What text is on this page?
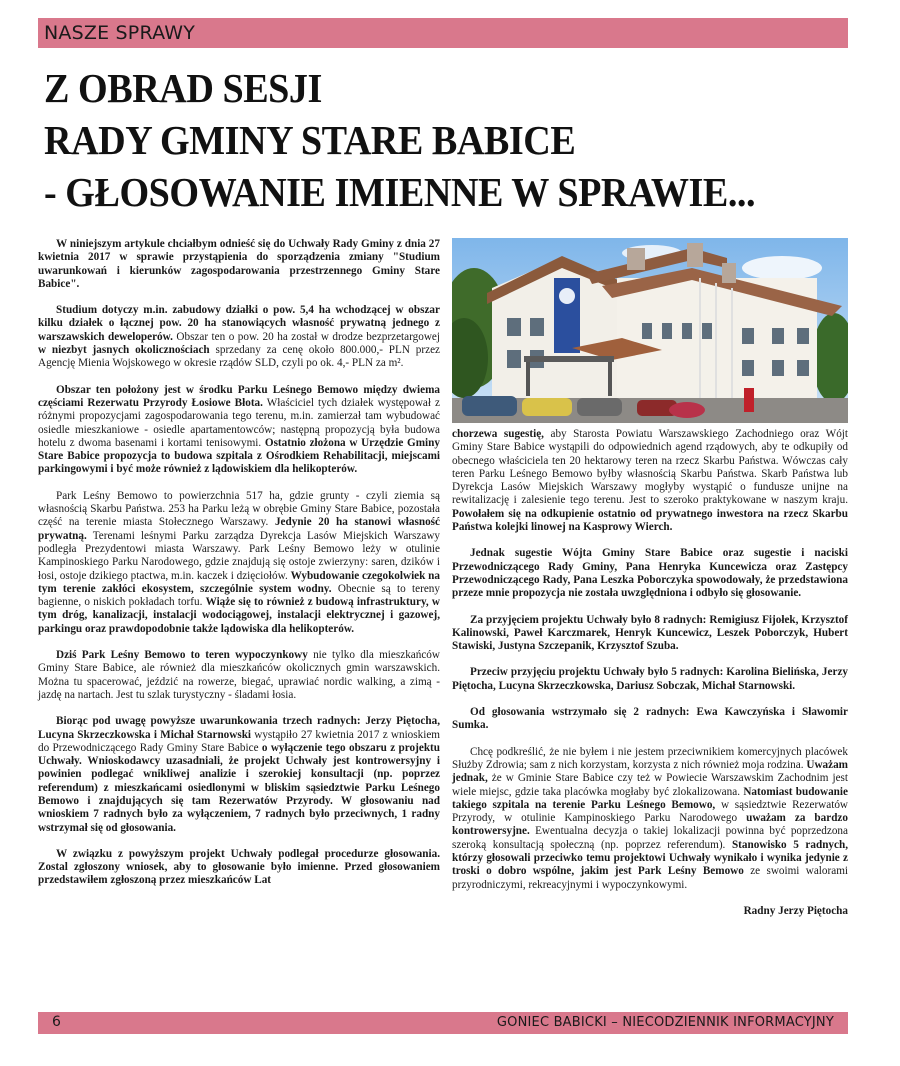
NASZE SPRAWY
Z OBRAD SESJI
RADY GMINY STARE BABICE
- GŁOSOWANIE IMIENNE W SPRAWIE...

W niniejszym artykule chciałbym odnieść się do Uchwały Rady Gminy z dnia 27 kwietnia 2017 w sprawie przystąpienia do sporządzenia zmiany "Studium uwarunkowań i kierunków zagospodarowania przestrzennego Gminy Stare Babice".

Studium dotyczy m.in. zabudowy działki o pow. 5,4 ha wchodzącej w obszar kilku działek o łącznej pow. 20 ha stanowiących własność prywatną jednego z warszawskich deweloperów. Obszar ten o pow. 20 ha został w drodze bezprzetargowej w niezbyt jasnych okolicznościach sprzedany za cenę około 800.000,- PLN przez Agencję Mienia Wojskowego w okresie rządów SLD, czyli po ok. 4,- PLN za m².

Obszar ten położony jest w środku Parku Leśnego Bemowo między dwiema częściami Rezerwatu Przyrody Łosiowe Błota. Właściciel tych działek występował z różnymi propozycjami zagospodarowania tego terenu, m.in. zamierzał tam wybudować osiedle mieszkaniowe - osiedle apartamentowców; następną propozycją była budowa hotelu z dwoma basenami i kortami tenisowymi. Ostatnio złożona w Urzędzie Gminy Stare Babice propozycja to budowa szpitala z Ośrodkiem Rehabilitacji, miejscami parkingowymi i być może również z lądowiskiem dla helikopterów.

Park Leśny Bemowo to powierzchnia 517 ha, gdzie grunty - czyli ziemia są własnością Skarbu Państwa. 253 ha Parku leżą w obrębie Gminy Stare Babice, pozostała część na terenie miasta Stołecznego Warszawy. Jedynie 20 ha stanowi własność prywatną. Terenami leśnymi Parku zarządza Dyrekcja Lasów Miejskich Warszawy podległa Prezydentowi miasta Warszawy. Park Leśny Bemowo leży w otulinie Kampinoskiego Parku Narodowego, gdzie znajdują się ostoje zwierzyny: saren, dzików i łosi, ostoje dzikiego ptactwa, m.in. kaczek i dzięciołów. Wybudowanie czegokolwiek na tym terenie zakłóci ekosystem, szczególnie system wodny. Obecnie są to tereny bagienne, o niskich pokładach torfu. Wiąże się to również z budową infrastruktury, w tym dróg, kanalizacji, instalacji wodociągowej, instalacji elektrycznej i gazowej, parkingu oraz prawdopodobnie także lądowiska dla helikopterów.

Dziś Park Leśny Bemowo to teren wypoczynkowy nie tylko dla mieszkańców Gminy Stare Babice, ale również dla mieszkańców okolicznych gmin warszawskich. Można tu spacerować, jeździć na rowerze, biegać, uprawiać nordic walking, a zimą - jazdę na nartach. Jest tu szlak turystyczny - śladami łosia.

Biorąc pod uwagę powyższe uwarunkowania trzech radnych: Jerzy Piętocha, Lucyna Skrzeczkowska i Michał Starnowski wystąpiło 27 kwietnia 2017 z wnioskiem do Przewodniczącego Rady Gminy Stare Babice o wyłączenie tego obszaru z projektu Uchwały. Wnioskodawcy uzasadniali, że projekt Uchwały jest kontrowersyjny i powinien podlegać wnikliwej analizie i szerokiej konsultacji (np. poprzez referendum) z mieszkańcami osiedlonymi w bliskim sąsiedztwie Parku Leśnego Bemowo i znajdujących się tam Rezerwatów Przyrody. W głosowaniu nad wnioskiem 7 radnych było za wyłączeniem, 7 radnych było przeciwnych, 1 radny wstrzymał się od głosowania.

W związku z powyższym projekt Uchwały podlegał procedurze głosowania. Zostal zgłoszony wniosek, aby to głosowanie było imienne. Przed głosowaniem przedstawiłem zgłoszoną przez mieszkańców Lat

chorzewa sugestię, aby Starosta Powiatu Warszawskiego Zachodniego oraz Wójt Gminy Stare Babice wystąpili do odpowiednich agend rządowych, aby te odkupiły od obecnego właściciela ten 20 hektarowy teren na rzecz Skarbu Państwa. Wówczas cały teren Parku Leśnego Bemowo byłby własnością Skarbu Państwa. Skarb Państwa lub Dyrekcja Lasów Miejskich Warszawy mogłyby wystąpić o fundusze unijne na rewitalizację i zalesienie tego terenu. Jest to szeroko praktykowane w naszym kraju. Powołałem się na odkupienie ostatnio od prywatnego inwestora na rzecz Skarbu Państwa kolejki linowej na Kasprowy Wierch.

Jednak sugestie Wójta Gminy Stare Babice oraz sugestie i naciski Przewodniczącego Rady Gminy, Pana Henryka Kuncewicza oraz Zastępcy Przewodniczącego Rady, Pana Leszka Poborczyka spowodowały, że przedstawiona przeze mnie propozycja nie została uwzględniona i odbyło się głosowanie.

Za przyjęciem projektu Uchwały było 8 radnych: Remigiusz Fijołek, Krzysztof Kalinowski, Paweł Karczmarek, Henryk Kuncewicz, Leszek Poborczyk, Hubert Stawiski, Justyna Szczepanik, Krzysztof Szuba.

Przeciw przyjęciu projektu Uchwały było 5 radnych: Karolina Bielińska, Jerzy Piętocha, Lucyna Skrzeczkowska, Dariusz Sobczak, Michał Starnowski.

Od głosowania wstrzymało się 2 radnych: Ewa Kawczyńska i Sławomir Sumka.

Chcę podkreślić, że nie byłem i nie jestem przeciwnikiem komercyjnych placówek Służby Zdrowia; sam z nich korzystam, korzysta z nich również moja rodzina. Uważam jednak, że w Gminie Stare Babice czy też w Powiecie Warszawskim Zachodnim jest wiele miejsc, gdzie taka placówka mogłaby być zlokalizowana. Natomiast budowanie takiego szpitala na terenie Parku Leśnego Bemowo, w sąsiedztwie Rezerwatów Przyrody, w otulinie Kampinoskiego Parku Narodowego uważam za bardzo kontrowersyjne. Ewentualna decyzja o takiej lokalizacji powinna być poprzedzona szeroką konsultacją społeczną (np. poprzez referendum). Stanowisko 5 radnych, którzy głosowali przeciwko temu projektowi Uchwały wynikało i wynika jedynie z troski o dobro wspólne, jakim jest Park Leśny Bemowo ze swoimi walorami przyrodniczymi, rekreacyjnymi i wypoczynkowymi.

Radny Jerzy Piętocha

6	GONIEC BABICKI – NIECODZIENNIK INFORMACYJNY
